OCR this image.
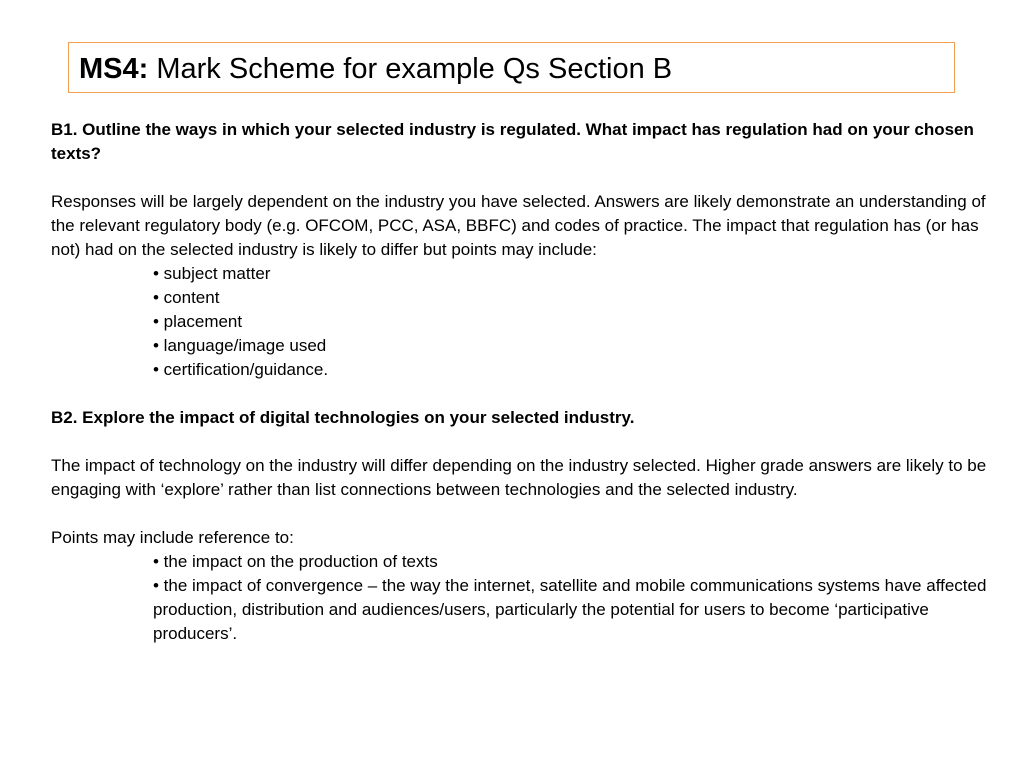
MS4: Mark Scheme for example Qs Section B

B1. Outline the ways in which your selected industry is regulated. What impact has regulation had on your chosen texts?

Responses will be largely dependent on the industry you have selected. Answers are likely demonstrate an understanding of the relevant regulatory body (e.g. OFCOM, PCC, ASA, BBFC) and codes of practice. The impact that regulation has (or has not) had on the selected industry is likely to differ but points may include:

• subject matter
• content
• placement
• language/image used
• certification/guidance.

B2. Explore the impact of digital technologies on your selected industry.

The impact of technology on the industry will differ depending on the industry selected. Higher grade answers are likely to be engaging with ‘explore’ rather than list connections between technologies and the selected industry.

Points may include reference to:

• the impact on the production of texts
• the impact of convergence – the way the internet, satellite and mobile communications systems have affected production, distribution and audiences/users, particularly the potential for users to become ‘participative producers’.
